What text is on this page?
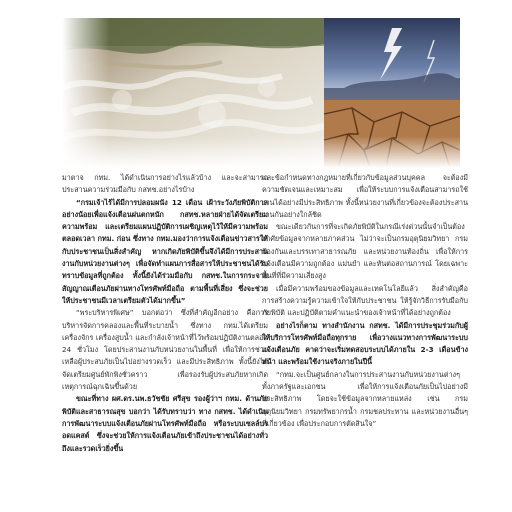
มาตาจ กทม. ได้ดำเนินการอย่างไรแล้วบ้าง และจะสามารถประสานความร่วมมือกับ กสทช.อย่างไรบ้าง

“กรมเจ้าไร้ได้มีการปลอมผนัง 12 เดือน เฝ้าระวังภัยพิบัติกาลอย่างน้อยเพื่อแจ้งเตือนฝนตกหนัก กสทช.หลายฝ่ายได้จัดเตรียมความพร้อม และเตรียมแผนปฏิบัติการเผชิญเหตุไว้ให้มีความพร้อมตลอดเวลา กทม. ก่อน ซึ่งทาง กทม.มองว่าการแจ้งเตือนข่าวสารให้กับประชาชนเป็นสิ่งสำคัญ หากเกิดภัยพิบัติขึ้นจึงได้มีการประสานงานกับหน่วยงานต่างๆ เพื่อจัดทำแผนการสื่อสารให้ประชาชนได้รับทราบข้อมูลที่ถูกต้อง ทั้งนี้ยังได้ร่วมมือกับ กสทช.ในการกระจายสัญญาณเตือนภัยผ่านทางโทรศัพท์มือถือ ตามพื้นที่เสี่ยง ซึ่งจะช่วยให้ประชาชนมีเวลาเตรียมตัวได้มากขึ้น”

“พระบริหารพิเศษ” บอกต่อว่า ซึ่งที่สำคัญอีกอย่าง คือการบริหารจัดการคลองและพื้นที่ระบายน้ำ ซึ่งทาง กทม.ได้เตรียมเครื่องจักร เครื่องสูบน้ำ และกำลังเจ้าหน้าที่ไว้พร้อมปฏิบัติงานตลอด 24 ชั่วโมง โดยประสานงานกับหน่วยงานในพื้นที่ เพื่อให้การช่วยเหลือผู้ประสบภัยเป็นไปอย่างรวดเร็ว และมีประสิทธิภาพ ทั้งนี้ยังได้จัดเตรียมศูนย์พักพิงชั่วคราว เพื่อรองรับผู้ประสบภัยหากเกิดเหตุการณ์ฉุกเฉินขึ้นด้วย

ขณะที่ทาง ผศ.ดร.นพ.ธวัชชัย ศรีสุข รองผู้ว่าฯ กทม. ด้านภัยพิบัติและสาธารณสุข บอกว่า ได้รับทราบว่า ทาง กสทช. ได้ดำเนินการพัฒนาระบบแจ้งเตือนภัยผ่านโทรศัพท์มือถือ หรือระบบเซลล์บรอดแคสต์ ซึ่งจะช่วยให้การแจ้งเตือนภัยเข้าถึงประชาชนได้อย่างทั่วถึงและรวดเร็วยิ่งขึ้น

และข้อกำหนดทางกฎหมายที่เกี่ยวกับข้อมูลส่วนบุคคล จะต้องมีความชัดเจนและเหมาะสม เพื่อให้ระบบการแจ้งเตือนสามารถใช้งานได้อย่างมีประสิทธิภาพ ทั้งนี้หน่วยงานที่เกี่ยวข้องจะต้องประสานงานกันอย่างใกล้ชิด

ขณะเดียวกันการที่จะเกิดภัยพิบัติในกรณีเร่งด่วนนั้นจำเป็นต้องอาศัยข้อมูลจากหลายภาคส่วน ไม่ว่าจะเป็นกรมอุตุนิยมวิทยา กรมป้องกันและบรรเทาสาธารณภัย และหน่วยงานท้องถิ่น เพื่อให้การแจ้งเตือนมีความถูกต้อง แม่นยำ และทันต่อสถานการณ์ โดยเฉพาะพื้นที่ที่มีความเสี่ยงสูง

เมื่อมีความพร้อมของข้อมูลและเทคโนโลยีแล้ว สิ่งสำคัญคือการสร้างความรู้ความเข้าใจให้กับประชาชน ให้รู้จักวิธีการรับมือกับภัยพิบัติ และปฏิบัติตามคำแนะนำของเจ้าหน้าที่ได้อย่างถูกต้อง

อย่างไรก็ตาม ทางสำนักงาน กสทช. ได้มีการประชุมร่วมกับผู้ให้บริการโทรศัพท์มือถือทุกราย เพื่อวางแนวทางการพัฒนาระบบแจ้งเตือนภัย คาดว่าจะเริ่มทดสอบระบบได้ภายใน 2-3 เดือนข้างหน้า และพร้อมใช้งานจริงภายในปีนี้

“กทม.จะเป็นศูนย์กลางในการประสานงานกับหน่วยงานต่างๆ ทั้งภาครัฐและเอกชน เพื่อให้การแจ้งเตือนภัยเป็นไปอย่างมีประสิทธิภาพ โดยจะใช้ข้อมูลจากหลายแหล่ง เช่น กรมอุตุนิยมวิทยา กรมทรัพยากรน้ำ กรมชลประทาน และหน่วยงานอื่นๆ ที่เกี่ยวข้อง เพื่อประกอบการตัดสินใจ”
